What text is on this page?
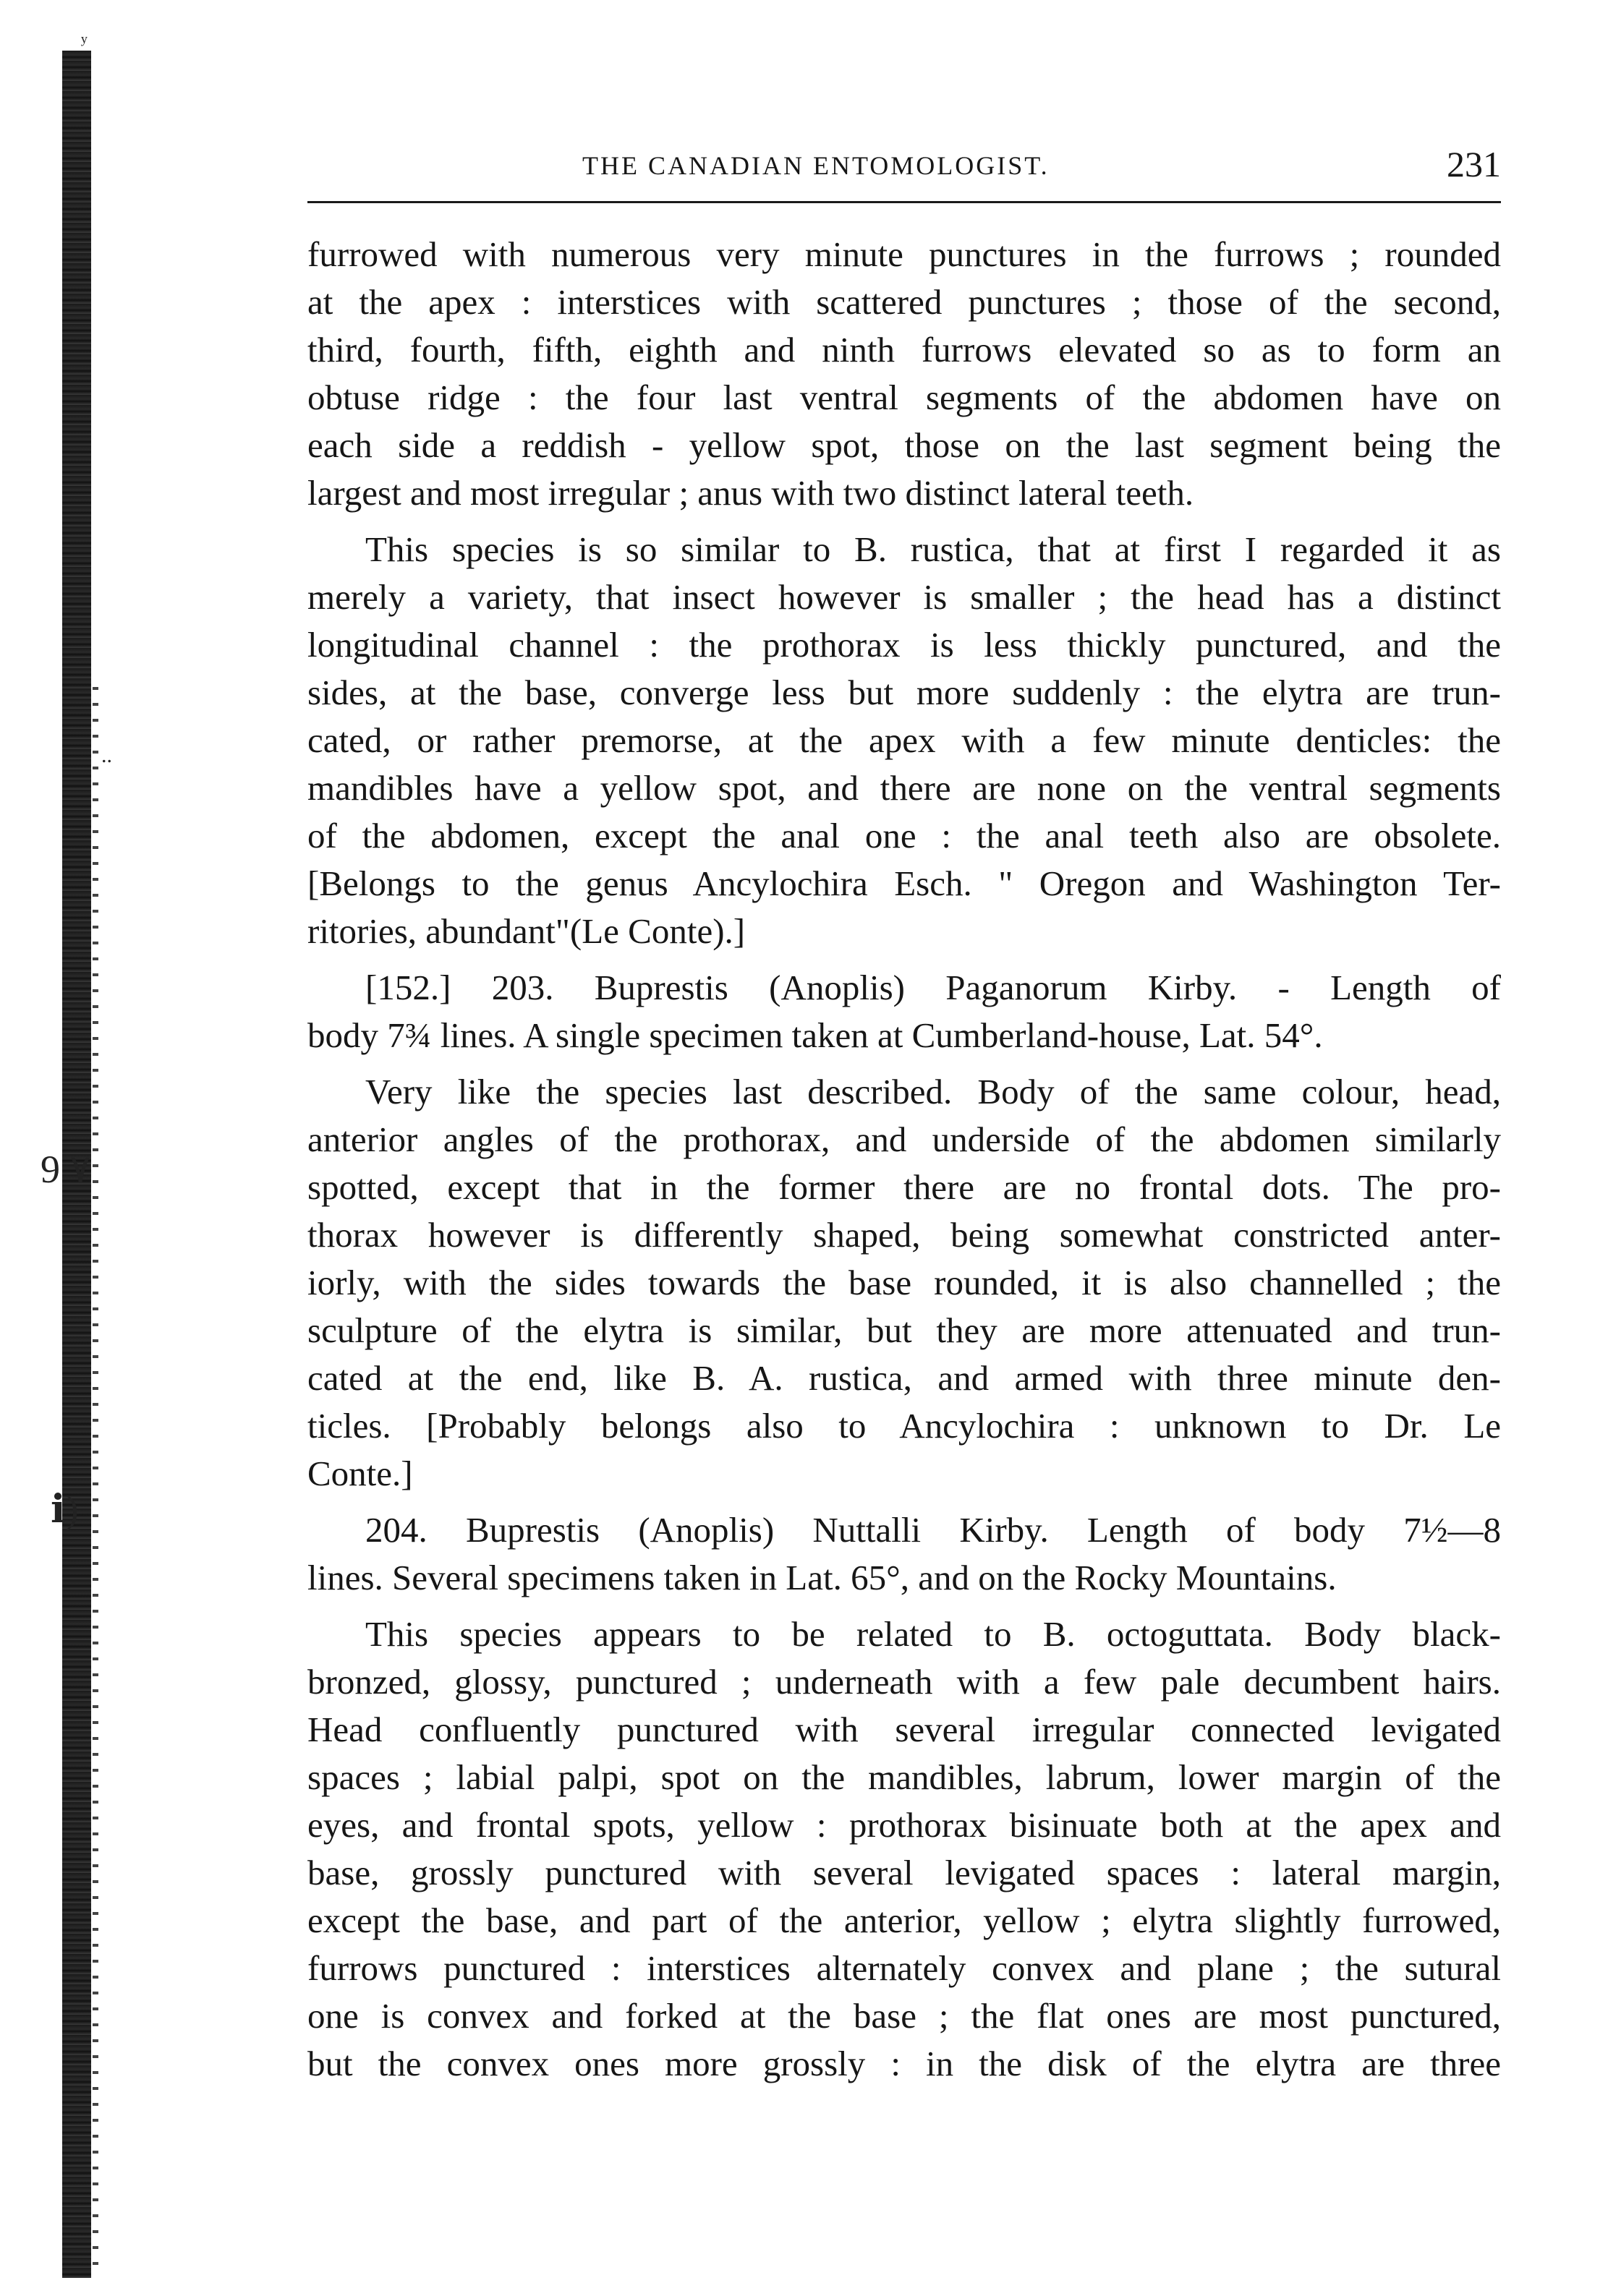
ʸ
..
9 ٧
ℹ)
THE CANADIAN ENTOMOLOGIST.	231

furrowed with numerous very minute punctures in the furrows ; rounded

at the apex : interstices with scattered punctures ; those of the second,

third, fourth, fifth, eighth and ninth furrows elevated so as to form an

obtuse ridge : the four last ventral segments of the abdomen have on

each side a reddish - yellow spot, those on the last segment being the

largest and most irregular ; anus with two distinct lateral teeth.

This species is so similar to B. rustica, that at first I regarded it as

merely a variety, that insect however is smaller ; the head has a distinct

longitudinal channel : the prothorax is less thickly punctured, and the

sides, at the base, converge less but more suddenly : the elytra are trun-

cated, or rather premorse, at the apex with a few minute denticles: the

mandibles have a yellow spot, and there are none on the ventral segments

of the abdomen, except the anal one : the anal teeth also are obsolete.

[Belongs to the genus Ancylochira Esch. " Oregon and Washington Ter-

ritories, abundant"(Le Conte).]

[152.] 203. Buprestis (Anoplis) Paganorum Kirby. - Length of

body 7¾ lines. A single specimen taken at Cumberland-house, Lat. 54°.

Very like the species last described. Body of the same colour, head,

anterior angles of the prothorax, and underside of the abdomen similarly

spotted, except that in the former there are no frontal dots. The pro-

thorax however is differently shaped, being somewhat constricted anter-

iorly, with the sides towards the base rounded, it is also channelled ; the

sculpture of the elytra is similar, but they are more attenuated and trun-

cated at the end, like B. A. rustica, and armed with three minute den-

ticles. [Probably belongs also to Ancylochira : unknown to Dr. Le

Conte.]

204. Buprestis (Anoplis) Nuttalli Kirby. Length of body 7½—8

lines. Several specimens taken in Lat. 65°, and on the Rocky Mountains.

This species appears to be related to B. octoguttata. Body black-

bronzed, glossy, punctured ; underneath with a few pale decumbent hairs.

Head confluently punctured with several irregular connected levigated

spaces ; labial palpi, spot on the mandibles, labrum, lower margin of the

eyes, and frontal spots, yellow : prothorax bisinuate both at the apex and

base, grossly punctured with several levigated spaces : lateral margin,

except the base, and part of the anterior, yellow ; elytra slightly furrowed,

furrows punctured : interstices alternately convex and plane ; the sutural

one is convex and forked at the base ; the flat ones are most punctured,

but the convex ones more grossly : in the disk of the elytra are three
